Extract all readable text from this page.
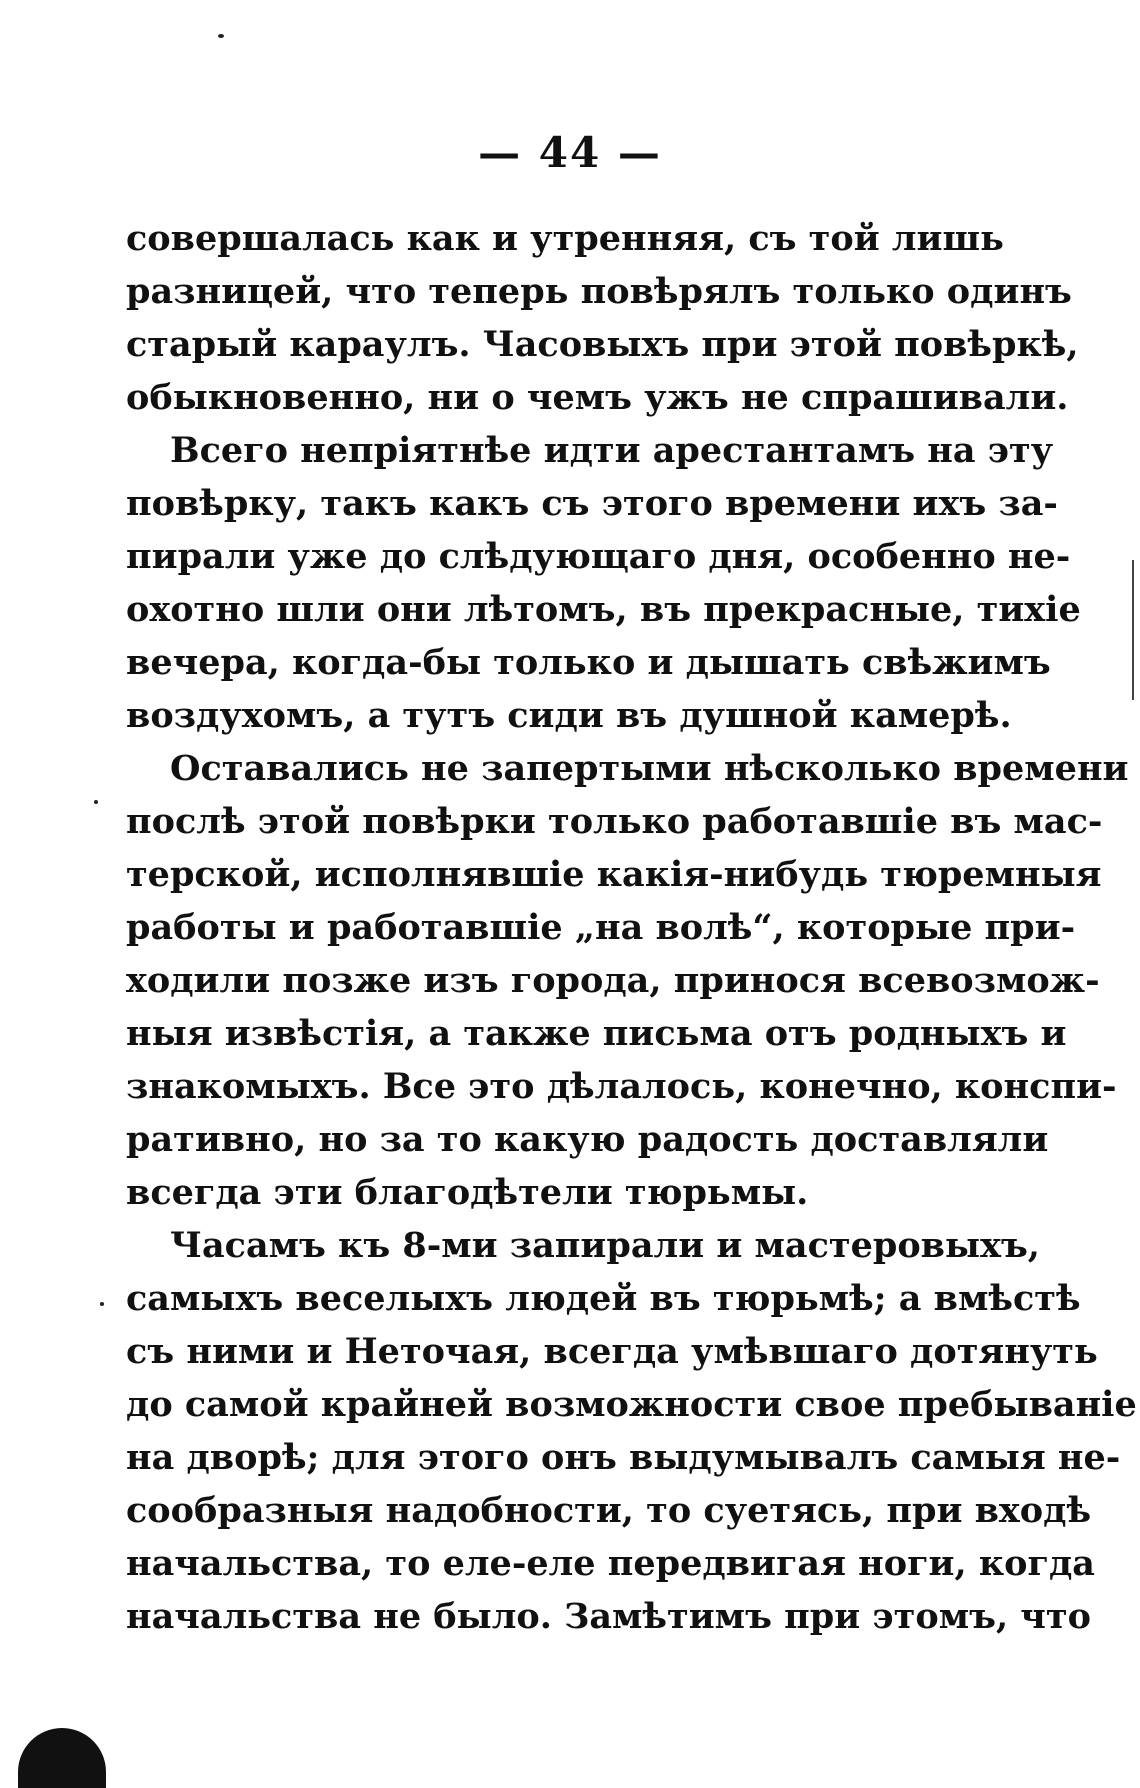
— 44 —
совершалась как и утренняя, съ той лишь
разницей, что теперь повѣрялъ только одинъ
старый караулъ. Часовыхъ при этой повѣркѣ,
обыкновенно, ни о чемъ ужъ не спрашивали.
Всего непріятнѣе идти арестантамъ на эту
повѣрку, такъ какъ съ этого времени ихъ за-
пирали уже до слѣдующаго дня, особенно не-
охотно шли они лѣтомъ, въ прекрасные, тихіе
вечера, когда-бы только и дышать свѣжимъ
воздухомъ, а тутъ сиди въ душной камерѣ.
Оставались не запертыми нѣсколько времени
послѣ этой повѣрки только работавшіе въ мас-
терской, исполнявшіе какія-нибудь тюремныя
работы и работавшіе „на волѣ“, которые при-
ходили позже изъ города, принося всевозмож-
ныя извѣстія, а также письма отъ родныхъ и
знакомыхъ. Все это дѣлалось, конечно, конспи-
ративно, но за то какую радость доставляли
всегда эти благодѣтели тюрьмы.
Часамъ къ 8-ми запирали и мастеровыхъ,
самыхъ веселыхъ людей въ тюрьмѣ; а вмѣстѣ
съ ними и Неточая, всегда умѣвшаго дотянуть
до самой крайней возможности свое пребываніе
на дворѣ; для этого онъ выдумывалъ самыя не-
сообразныя надобности, то суетясь, при входѣ
начальства, то еле-еле передвигая ноги, когда
начальства не было. Замѣтимъ при этомъ, что
